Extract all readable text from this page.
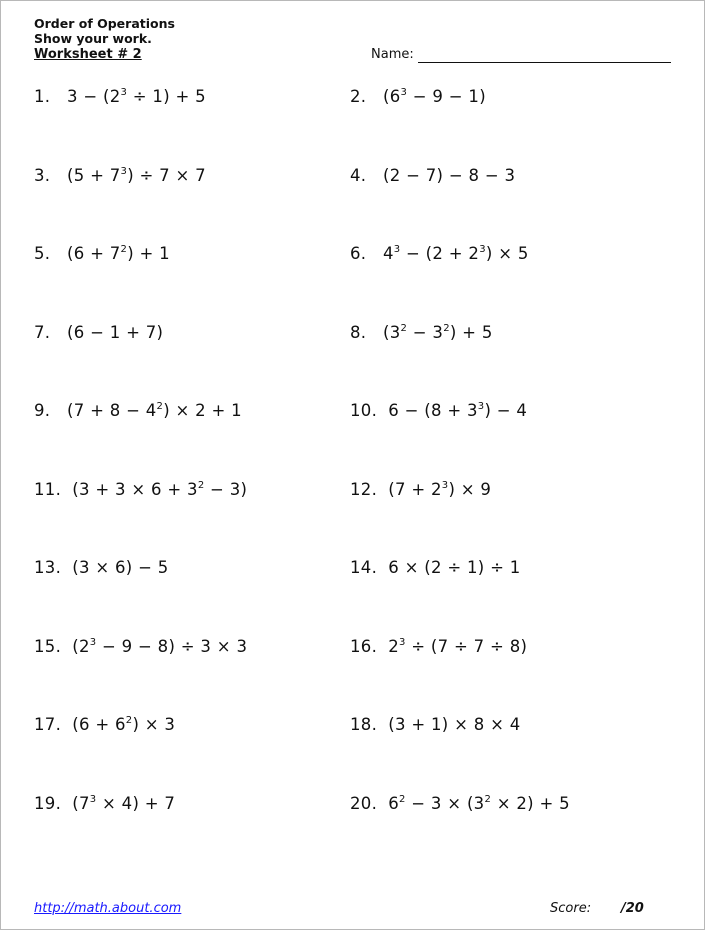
Order of Operations
Show your work.
Worksheet # 2	Name:
1. $3 - (2^3 \div 1) + 5$	2. $(6^3 - 9 - 1)$
3. $(5 + 7^3) \div 7 \times 7$	4. (2 − 7) − 8 − 3
5. $(6 + 7^2) + 1$	6. $4^3 - (2 + 2^3) \times 5$
7. (6 − 1 + 7)	8. $(3^2 - 3^2) + 5$
9. $(7 + 8 - 4^2) \times 2 + 1$	10. $6 - (8 + 3^3) - 4$
11. $(3 + 3 \times 6 + 3^2 - 3)$	12. $(7 + 2^3) \times 9$
13. (3 × 6) − 5	14. 6 × (2 ÷ 1) ÷ 1
15. $(2^3 - 9 - 8) \div 3 \times 3$	16. $2^3 \div (7 \div 7 \div 8)$
17. $(6 + 6^2) \times 3$	18. (3 + 1) × 8 × 4
19. $(7^3 \times 4) + 7$	20. $6^2 - 3 \times (3^2 \times 2) + 5$
http://math.about.com	Score: /20
